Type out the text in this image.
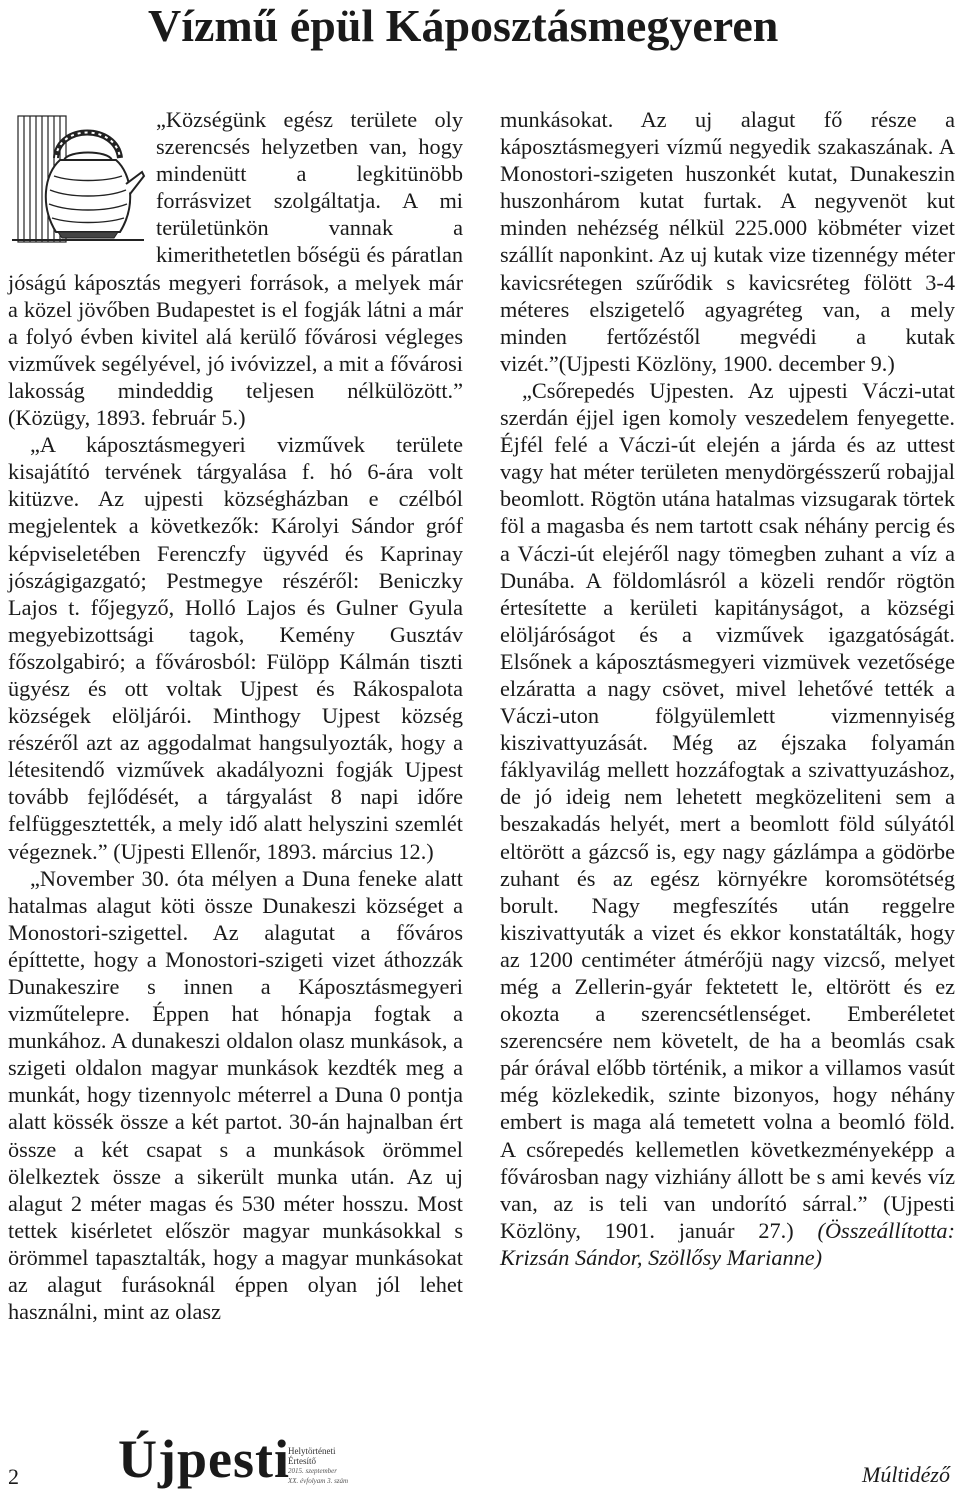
Vízmű épül Káposztásmegyeren

„Községünk egész területe oly szerencsés helyzetben van, hogy mindenütt a legkitünöbb forrásvizet szolgáltatja. A mi területünkön vannak a kimerithetetlen bőségü és páratlan jóságú káposztás megyeri források, a melyek már a közel jövőben Budapestet is el fogják látni a már a folyó évben kivitel alá kerülő fővárosi végleges vizművek segélyével, jó ivóvizzel, a mit a fővárosi lakosság mindeddig teljesen nélkülözött.” (Közügy, 1893. február 5.)

„A káposztásmegyeri vizművek területe kisajátító tervének tárgyalása f. hó 6-ára volt kitüzve. Az ujpesti községházban e czélból megjelentek a következők: Károlyi Sándor gróf képviseletében Ferenczfy ügyvéd és Kaprinay jószágigazgató; Pestmegye részéről: Beniczky Lajos t. főjegyző, Holló Lajos és Gulner Gyula megyebizottsági tagok, Kemény Gusztáv főszolgabiró; a fővárosból: Fülöpp Kálmán tiszti ügyész és ott voltak Ujpest és Rákospalota községek elöljárói. Minthogy Ujpest község részéről azt az aggodalmat hangsulyozták, hogy a létesitendő vizművek akadályozni fogják Ujpest tovább fejlődését, a tárgyalást 8 napi időre felfüggesztették, a mely idő alatt helyszini szemlét végeznek.” (Ujpesti Ellenőr, 1893. március 12.)

„November 30. óta mélyen a Duna feneke alatt hatalmas alagut köti össze Dunakeszi községet a Monostori-szigettel. Az alagutat a főváros építtette, hogy a Monostori-szigeti vizet áthozzák Dunakeszire s innen a Káposztásmegyeri vizműtelepre. Éppen hat hónapja fogtak a munkához. A dunakeszi oldalon olasz munkások, a szigeti oldalon magyar munkások kezdték meg a munkát, hogy tizennyolc méterrel a Duna 0 pontja alatt kössék össze a két partot. 30-án hajnalban ért össze a két csapat s a munkások örömmel ölelkeztek össze a sikerült munka után. Az uj alagut 2 méter magas és 530 méter hosszu. Most tettek kisérletet először magyar munkásokkal s örömmel tapasztalták, hogy a magyar munkásokat az alagut furásoknál éppen olyan jól lehet használni, mint az olasz

munkásokat. Az uj alagut fő része a káposztásmegyeri vízmű negyedik szakaszának. A Monostori-szigeten huszonkét kutat, Dunakeszin huszonhárom kutat furtak. A negyvenöt kut minden nehézség nélkül 225.000 köbméter vizet szállít naponkint. Az uj kutak vize tizennégy méter kavicsrétegen szűrődik s kavicsréteg fölött 3-4 méteres elszigetelő agyagréteg van, a mely minden fertőzéstől megvédi a kutak vizét.”(Ujpesti Közlöny, 1900. december 9.)

„Csőrepedés Ujpesten. Az ujpesti Váczi-utat szerdán éjjel igen komoly veszedelem fenyegette. Éjfél felé a Váczi-út elején a járda és az uttest vagy hat méter területen menydörgésszerű robajjal beomlott. Rögtön utána hatalmas vizsugarak törtek föl a magasba és nem tartott csak néhány percig és a Váczi-út elejéről nagy tömegben zuhant a víz a Dunába. A földomlásról a közeli rendőr rögtön értesítette a kerületi kapitányságot, a községi elöljáróságot és a vizművek igazgatóságát. Elsőnek a káposztásmegyeri vizmüvek vezetősége elzáratta a nagy csövet, mivel lehetővé tették a Váczi-uton fölgyülemlett vizmennyiség kiszivattyuzását. Még az éjszaka folyamán fáklyavilág mellett hozzáfogtak a szivattyuzáshoz, de jó ideig nem lehetett megközeliteni sem a beszakadás helyét, mert a beomlott föld súlyától eltörött a gázcső is, egy nagy gázlámpa a gödörbe zuhant és az egész környékre koromsötétség borult. Nagy megfeszítés után reggelre kiszivattyuták a vizet és ekkor konstatálták, hogy az 1200 centiméter átmérőjü nagy vizcső, melyet még a Zellerin-gyár fektetett le, eltörött és ez okozta a szerencsétlenséget. Emberéletet szerencsére nem követelt, de ha a beomlás csak pár órával előbb történik, a mikor a villamos vasút még közlekedik, szinte bizonyos, hogy néhány embert is maga alá temetett volna a beomló föld. A csőrepedés kellemetlen következményeképp a fővárosban nagy vizhiány állott be s ami kevés víz van, az is teli van undorító sárral.” (Ujpesti Közlöny, 1901. január 27.) (Összeállította: Krizsán Sándor, Szöllősy Marianne)

2 Újpesti
Helytörténeti
Értesítő
2015. szeptember
XX. évfolyam 3. szám	Múltidéző
